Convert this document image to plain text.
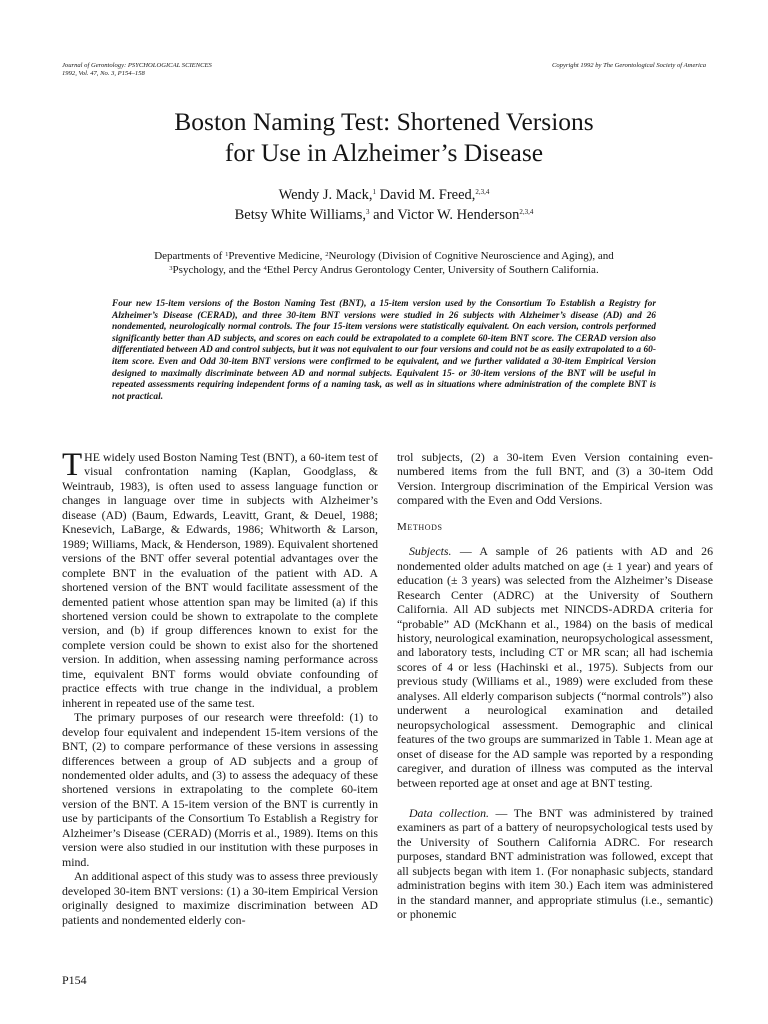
Journal of Gerontology: PSYCHOLOGICAL SCIENCES
1992, Vol. 47, No. 3, P154–158
Copyright 1992 by The Gerontological Society of America
Boston Naming Test: Shortened Versions
for Use in Alzheimer’s Disease
Wendy J. Mack,$^1$ David M. Freed,$^{2,3,4}$
Betsy White Williams,$^3$ and Victor W. Henderson$^{2,3,4}$
Departments of $^1$Preventive Medicine, $^2$Neurology (Division of Cognitive Neuroscience and Aging), and
$^3$Psychology, and the $^4$Ethel Percy Andrus Gerontology Center, University of Southern California.
Four new 15-item versions of the Boston Naming Test (BNT), a 15-item version used by the Consortium To Establish a Registry for Alzheimer’s Disease (CERAD), and three 30-item BNT versions were studied in 26 subjects with Alzheimer’s disease (AD) and 26 nondemented, neurologically normal controls. The four 15-item versions were statistically equivalent. On each version, controls performed significantly better than AD subjects, and scores on each could be extrapolated to a complete 60-item BNT score. The CERAD version also differentiated between AD and control subjects, but it was not equivalent to our four versions and could not be as easily extrapolated to a 60-item score. Even and Odd 30-item BNT versions were confirmed to be equivalent, and we further validated a 30-item Empirical Version designed to maximally discriminate between AD and normal subjects. Equivalent 15- or 30-item versions of the BNT will be useful in repeated assessments requiring independent forms of a naming task, as well as in situations where administration of the complete BNT is not practical.

THE widely used Boston Naming Test (BNT), a 60-item test of visual confrontation naming (Kaplan, Goodglass, & Weintraub, 1983), is often used to assess language function or changes in language over time in subjects with Alzheimer’s disease (AD) (Baum, Edwards, Leavitt, Grant, & Deuel, 1988; Knesevich, LaBarge, & Edwards, 1986; Whitworth & Larson, 1989; Williams, Mack, & Henderson, 1989). Equivalent shortened versions of the BNT offer several potential advantages over the complete BNT in the evaluation of the patient with AD. A shortened version of the BNT would facilitate assessment of the demented patient whose attention span may be limited (a) if this shortened version could be shown to extrapolate to the complete version, and (b) if group differences known to exist for the complete version could be shown to exist also for the shortened version. In addition, when assessing naming performance across time, equivalent BNT forms would obviate confounding of practice effects with true change in the individual, a problem inherent in repeated use of the same test.

The primary purposes of our research were threefold: (1) to develop four equivalent and independent 15-item versions of the BNT, (2) to compare performance of these versions in assessing differences between a group of AD subjects and a group of nondemented older adults, and (3) to assess the adequacy of these shortened versions in extrapolating to the complete 60-item version of the BNT. A 15-item version of the BNT is currently in use by participants of the Consortium To Establish a Registry for Alzheimer’s Disease (CERAD) (Morris et al., 1989). Items on this version were also studied in our institution with these purposes in mind.

An additional aspect of this study was to assess three previously developed 30-item BNT versions: (1) a 30-item Empirical Version originally designed to maximize discrimination between AD patients and nondemented elderly con-

trol subjects, (2) a 30-item Even Version containing even-numbered items from the full BNT, and (3) a 30-item Odd Version. Intergroup discrimination of the Empirical Version was compared with the Even and Odd Versions.

Methods

Subjects. — A sample of 26 patients with AD and 26 nondemented older adults matched on age (± 1 year) and years of education (± 3 years) was selected from the Alzheimer’s Disease Research Center (ADRC) at the University of Southern California. All AD subjects met NINCDS-ADRDA criteria for “probable” AD (McKhann et al., 1984) on the basis of medical history, neurological examination, neuropsychological assessment, and laboratory tests, including CT or MR scan; all had ischemia scores of 4 or less (Hachinski et al., 1975). Subjects from our previous study (Williams et al., 1989) were excluded from these analyses. All elderly comparison subjects (“normal controls”) also underwent a neurological examination and detailed neuropsychological assessment. Demographic and clinical features of the two groups are summarized in Table 1. Mean age at onset of disease for the AD sample was reported by a responding caregiver, and duration of illness was computed as the interval between reported age at onset and age at BNT testing.

Data collection. — The BNT was administered by trained examiners as part of a battery of neuropsychological tests used by the University of Southern California ADRC. For research purposes, standard BNT administration was followed, except that all subjects began with item 1. (For nonaphasic subjects, standard administration begins with item 30.) Each item was administered in the standard manner, and appropriate stimulus (i.e., semantic) or phonemic

P154
